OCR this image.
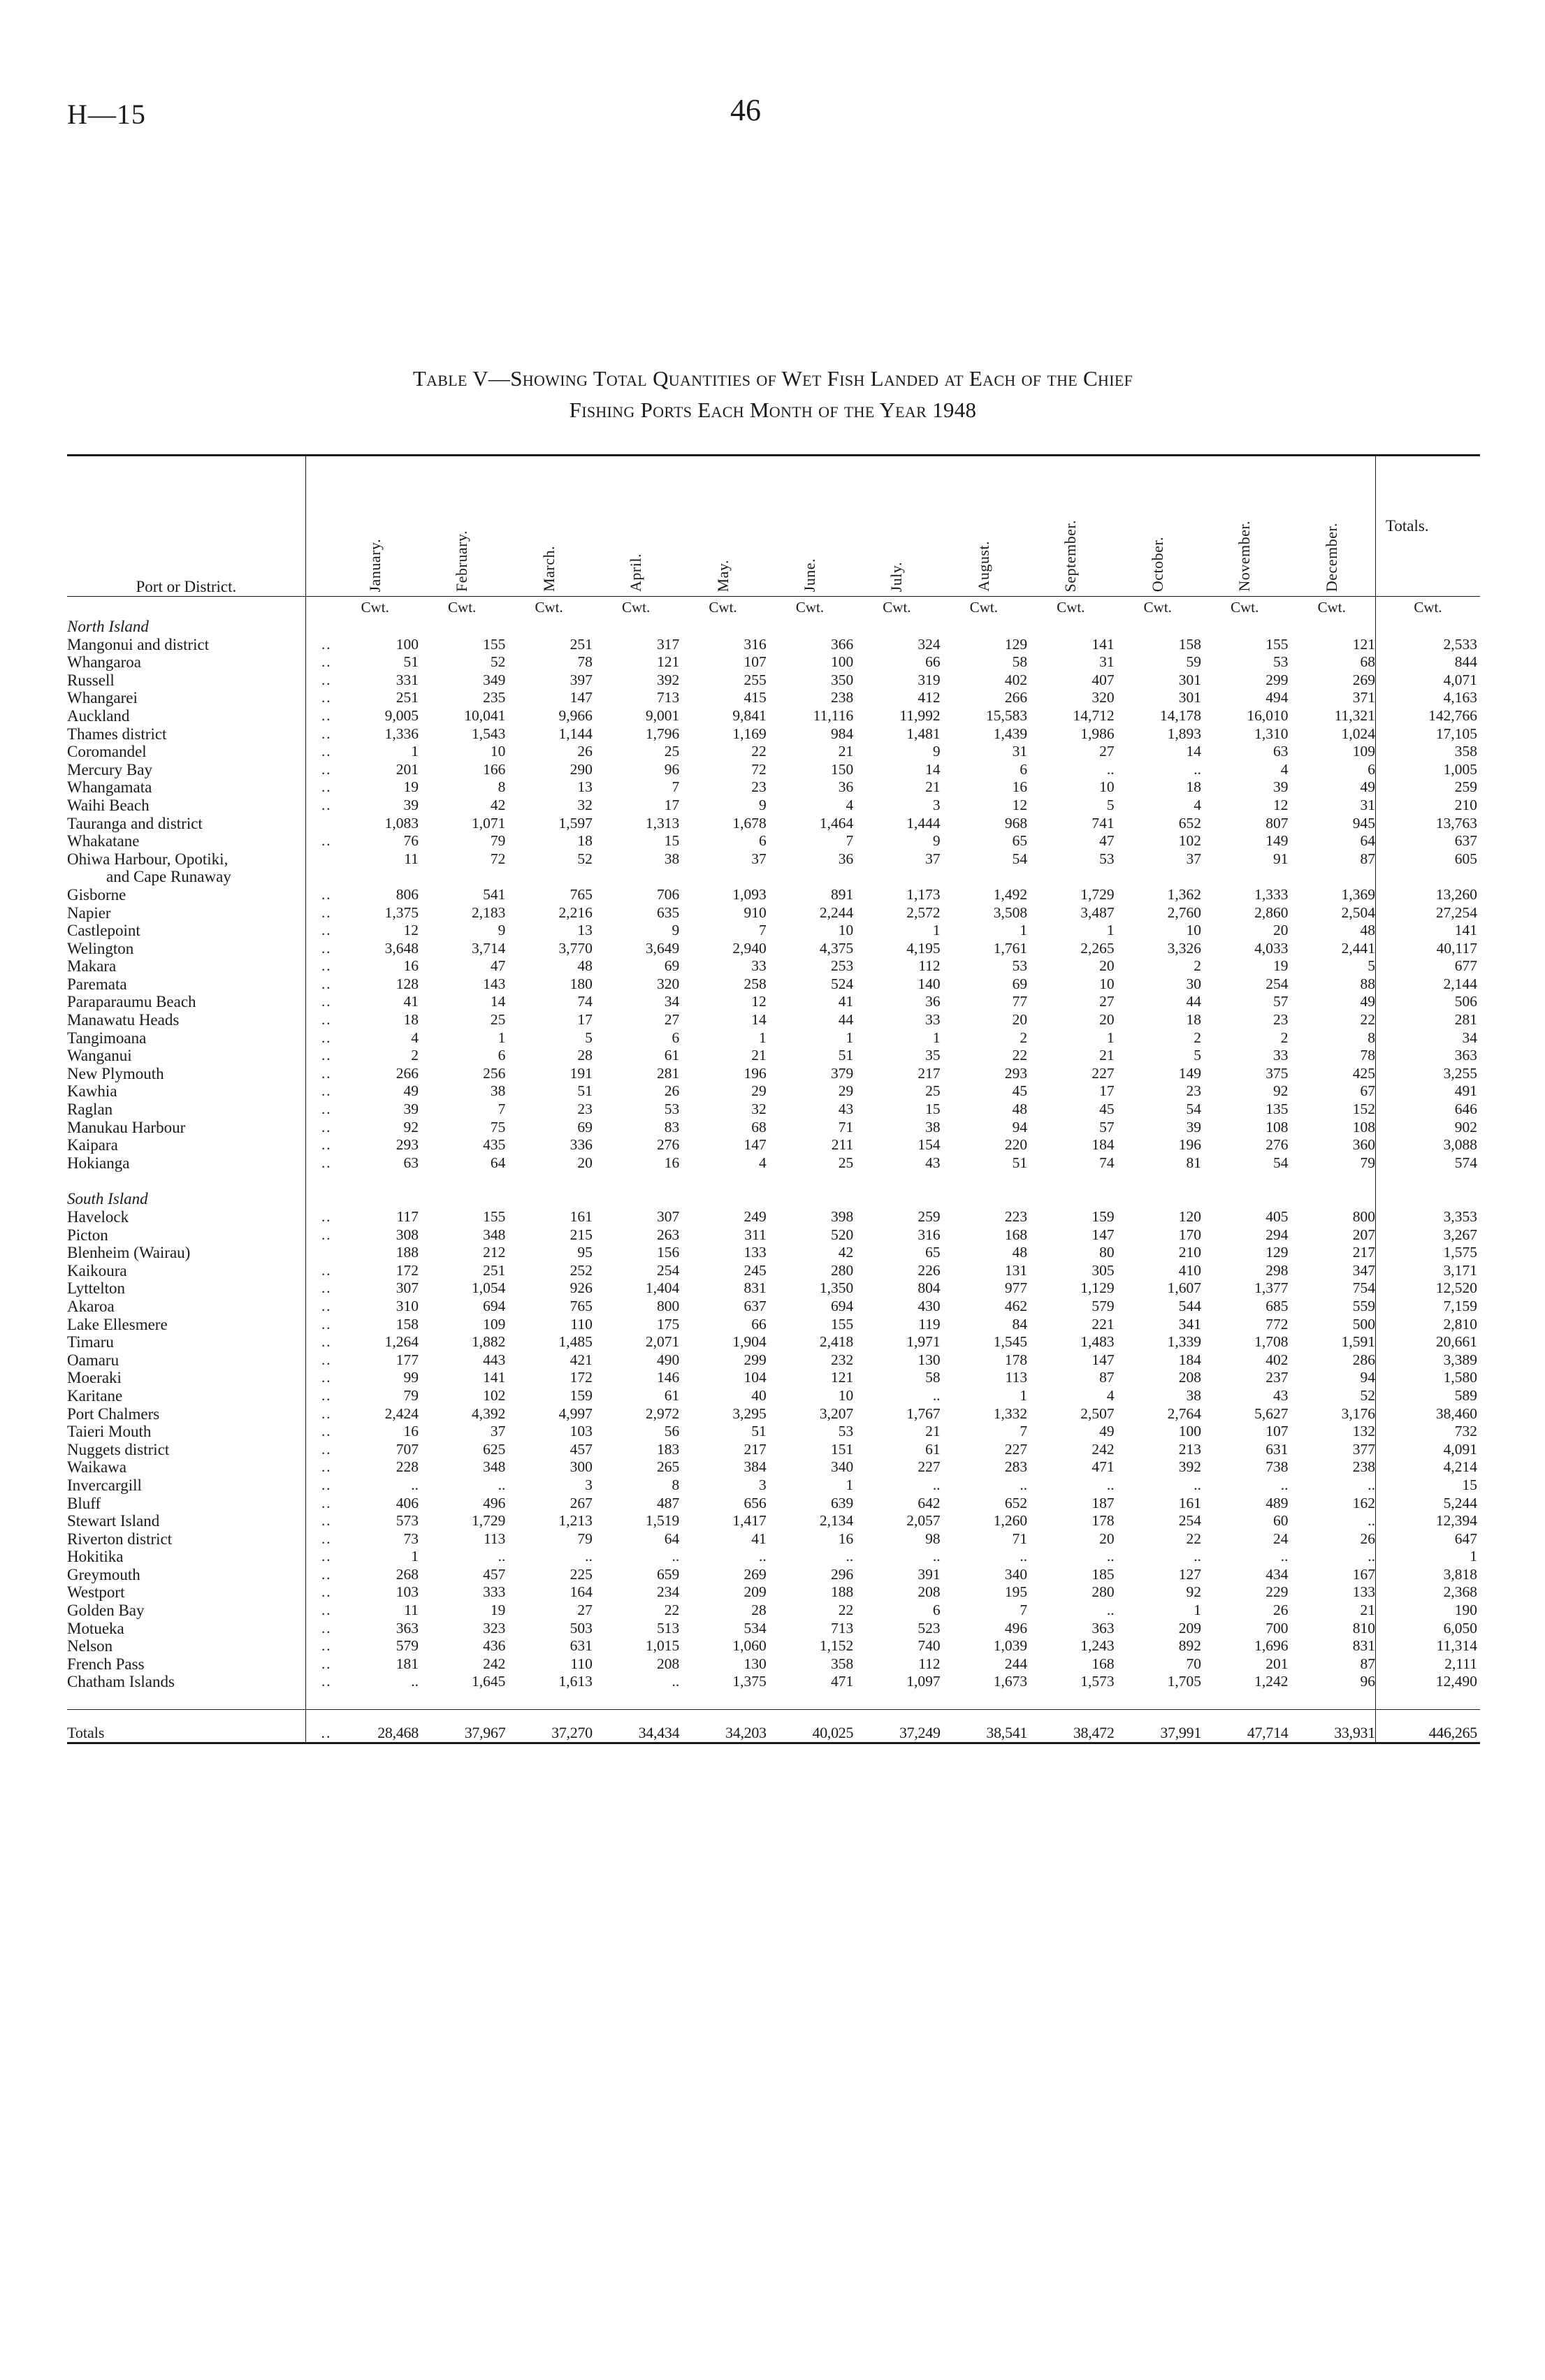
H—15	46
Table V—Showing Total Quantities of Wet Fish Landed at Each of the Chief
Fishing Ports Each Month of the Year 1948
Port or District.		January.	February.	March.	April.	May.	June.	July.	August.	September.	October.	November.	December.	Totals.
		Cwt.	Cwt.	Cwt.	Cwt.	Cwt.	Cwt.	Cwt.	Cwt.	Cwt.	Cwt.	Cwt.	Cwt.	Cwt.
North Island														
Mangonui and district	..	100	155	251	317	316	366	324	129	141	158	155	121	2,533
Whangaroa	..	51	52	78	121	107	100	66	58	31	59	53	68	844
Russell	..	331	349	397	392	255	350	319	402	407	301	299	269	4,071
Whangarei	..	251	235	147	713	415	238	412	266	320	301	494	371	4,163
Auckland	..	9,005	10,041	9,966	9,001	9,841	11,116	11,992	15,583	14,712	14,178	16,010	11,321	142,766
Thames district	..	1,336	1,543	1,144	1,796	1,169	984	1,481	1,439	1,986	1,893	1,310	1,024	17,105
Coromandel	..	1	10	26	25	22	21	9	31	27	14	63	109	358
Mercury Bay	..	201	166	290	96	72	150	14	6	..	..	4	6	1,005
Whangamata	..	19	8	13	7	23	36	21	16	10	18	39	49	259
Waihi Beach	..	39	42	32	17	9	4	3	12	5	4	12	31	210
Tauranga and district		1,083	1,071	1,597	1,313	1,678	1,464	1,444	968	741	652	807	945	13,763
Whakatane	..	76	79	18	15	6	7	9	65	47	102	149	64	637
Ohiwa Harbour, Opotiki,		11	72	52	38	37	36	37	54	53	37	91	87	605
and Cape Runaway														
Gisborne	..	806	541	765	706	1,093	891	1,173	1,492	1,729	1,362	1,333	1,369	13,260
Napier	..	1,375	2,183	2,216	635	910	2,244	2,572	3,508	3,487	2,760	2,860	2,504	27,254
Castlepoint	..	12	9	13	9	7	10	1	1	1	10	20	48	141
Welington	..	3,648	3,714	3,770	3,649	2,940	4,375	4,195	1,761	2,265	3,326	4,033	2,441	40,117
Makara	..	16	47	48	69	33	253	112	53	20	2	19	5	677
Paremata	..	128	143	180	320	258	524	140	69	10	30	254	88	2,144
Paraparaumu Beach	..	41	14	74	34	12	41	36	77	27	44	57	49	506
Manawatu Heads	..	18	25	17	27	14	44	33	20	20	18	23	22	281
Tangimoana	..	4	1	5	6	1	1	1	2	1	2	2	8	34
Wanganui	..	2	6	28	61	21	51	35	22	21	5	33	78	363
New Plymouth	..	266	256	191	281	196	379	217	293	227	149	375	425	3,255
Kawhia	..	49	38	51	26	29	29	25	45	17	23	92	67	491
Raglan	..	39	7	23	53	32	43	15	48	45	54	135	152	646
Manukau Harbour	..	92	75	69	83	68	71	38	94	57	39	108	108	902
Kaipara	..	293	435	336	276	147	211	154	220	184	196	276	360	3,088
Hokianga	..	63	64	20	16	4	25	43	51	74	81	54	79	574

South Island														
Havelock	..	117	155	161	307	249	398	259	223	159	120	405	800	3,353
Picton	..	308	348	215	263	311	520	316	168	147	170	294	207	3,267
Blenheim (Wairau)		188	212	95	156	133	42	65	48	80	210	129	217	1,575
Kaikoura	..	172	251	252	254	245	280	226	131	305	410	298	347	3,171
Lyttelton	..	307	1,054	926	1,404	831	1,350	804	977	1,129	1,607	1,377	754	12,520
Akaroa	..	310	694	765	800	637	694	430	462	579	544	685	559	7,159
Lake Ellesmere	..	158	109	110	175	66	155	119	84	221	341	772	500	2,810
Timaru	..	1,264	1,882	1,485	2,071	1,904	2,418	1,971	1,545	1,483	1,339	1,708	1,591	20,661
Oamaru	..	177	443	421	490	299	232	130	178	147	184	402	286	3,389
Moeraki	..	99	141	172	146	104	121	58	113	87	208	237	94	1,580
Karitane	..	79	102	159	61	40	10	..	1	4	38	43	52	589
Port Chalmers	..	2,424	4,392	4,997	2,972	3,295	3,207	1,767	1,332	2,507	2,764	5,627	3,176	38,460
Taieri Mouth	..	16	37	103	56	51	53	21	7	49	100	107	132	732
Nuggets district	..	707	625	457	183	217	151	61	227	242	213	631	377	4,091
Waikawa	..	228	348	300	265	384	340	227	283	471	392	738	238	4,214
Invercargill	..	..	..	3	8	3	1	..	..	..	..	..	..	15
Bluff	..	406	496	267	487	656	639	642	652	187	161	489	162	5,244
Stewart Island	..	573	1,729	1,213	1,519	1,417	2,134	2,057	1,260	178	254	60	..	12,394
Riverton district	..	73	113	79	64	41	16	98	71	20	22	24	26	647
Hokitika	..	1	..	..	..	..	..	..	..	..	..	..	..	1
Greymouth	..	268	457	225	659	269	296	391	340	185	127	434	167	3,818
Westport	..	103	333	164	234	209	188	208	195	280	92	229	133	2,368
Golden Bay	..	11	19	27	22	28	22	6	7	..	1	26	21	190
Motueka	..	363	323	503	513	534	713	523	496	363	209	700	810	6,050
Nelson	..	579	436	631	1,015	1,060	1,152	740	1,039	1,243	892	1,696	831	11,314
French Pass	..	181	242	110	208	130	358	112	244	168	70	201	87	2,111
Chatham Islands	..	..	1,645	1,613	..	1,375	471	1,097	1,673	1,573	1,705	1,242	96	12,490

Totals	..	28,468	37,967	37,270	34,434	34,203	40,025	37,249	38,541	38,472	37,991	47,714	33,931	446,265
